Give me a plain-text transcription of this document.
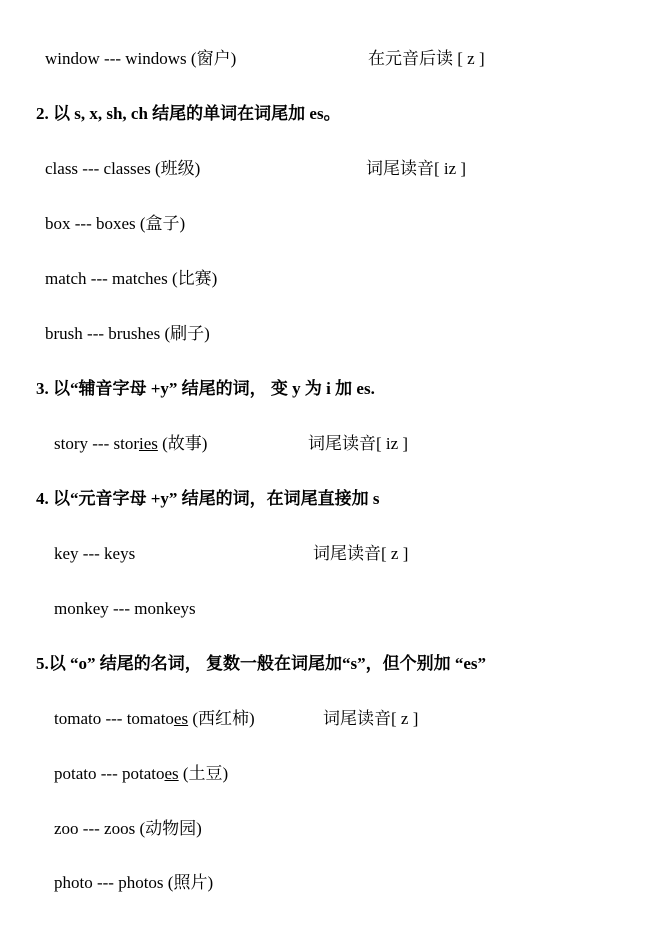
window --- windows (窗户)	在元音后读 [ z ]
2. 以 s, x, sh, ch 结尾的单词在词尾加 es。
class --- classes (班级)	词尾读音[ iz ]
box --- boxes (盒子)
match --- matches (比赛)
brush --- brushes (刷子)
3. 以“辅音字母 +y” 结尾的词， 变 y 为 i 加 es.
story --- stories (故事)	词尾读音[ iz ]
4. 以“元音字母 +y” 结尾的词，在词尾直接加 s
key --- keys	词尾读音[ z ]
monkey --- monkeys
5.以 “o” 结尾的名词， 复数一般在词尾加“s”，但个别加 “es”
tomato --- tomatoes (西红柿)	词尾读音[ z ]
potato --- potatoes (土豆)
zoo --- zoos (动物园)
photo --- photos (照片)
